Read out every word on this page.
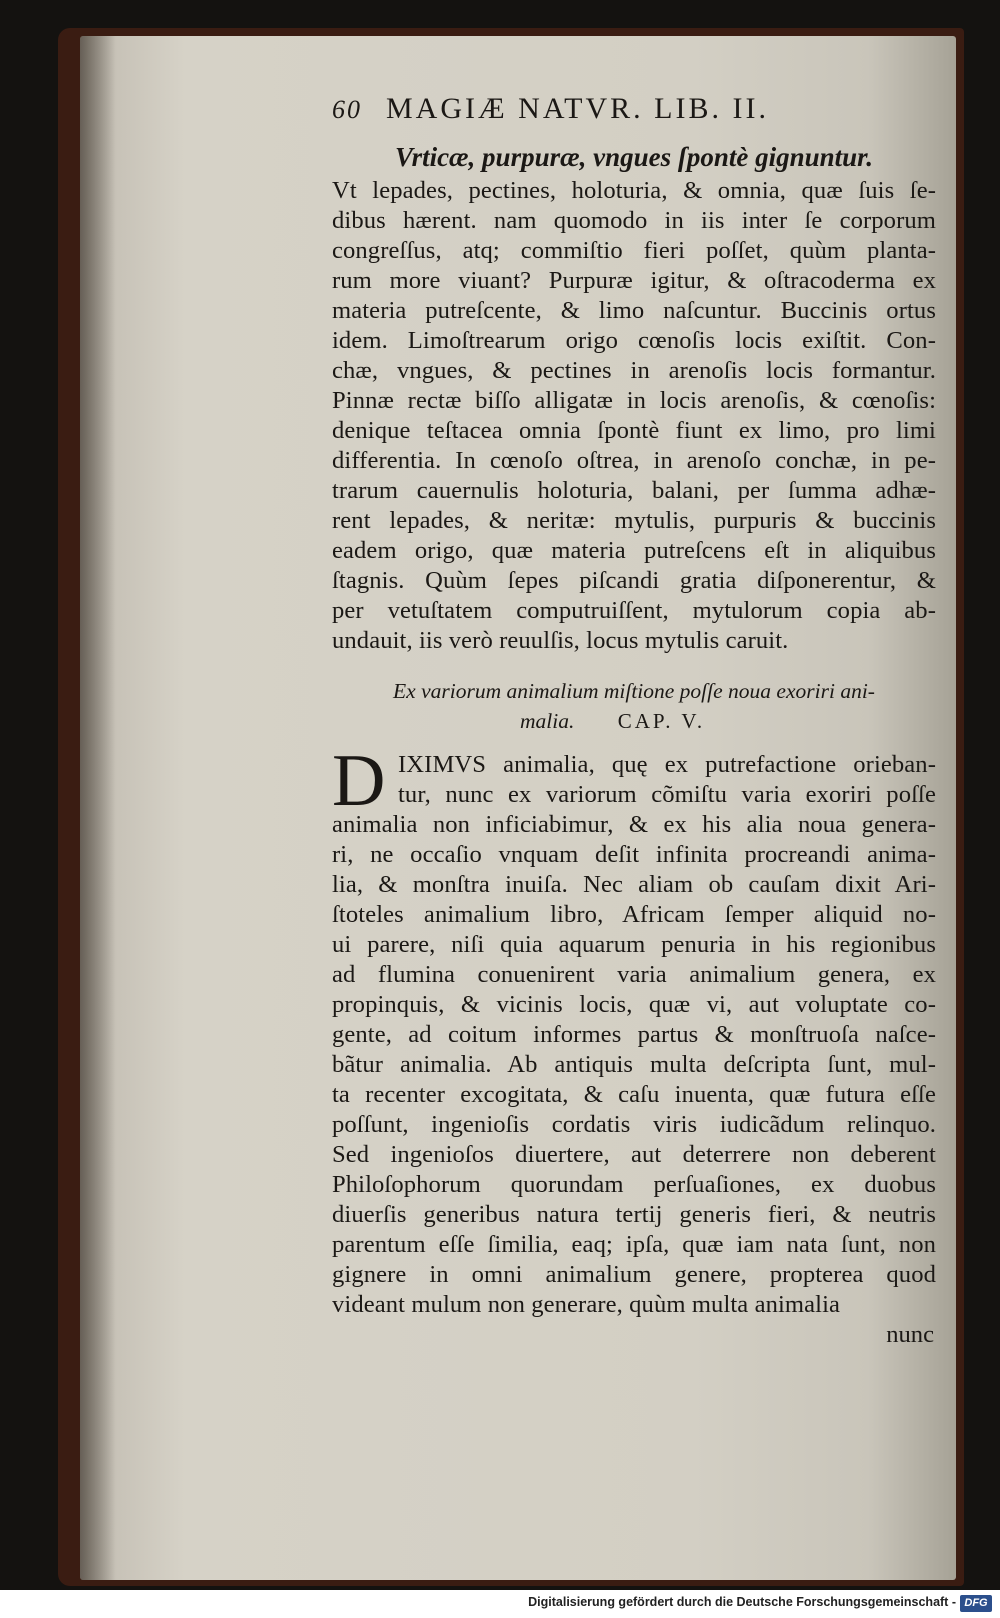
60 MAGIÆ NATVR. LIB. II.
Vrticæ, purpuræ, vngues ſpontè gignuntur.
Vt lepades, pectines, holoturia, & omnia, quæ ſuis ſe-
dibus hærent. nam quomodo in iis inter ſe corporum
congreſſus, atq; commiſtio fieri poſſet, quùm planta-
rum more viuant? Purpuræ igitur, & oſtracoderma ex
materia putreſcente, & limo naſcuntur. Buccinis ortus
idem. Limoſtrearum origo cœnoſis locis exiſtit. Con-
chæ, vngues, & pectines in arenoſis locis formantur.
Pinnæ rectæ biſſo alligatæ in locis arenoſis, & cœnoſis:
denique teſtacea omnia ſpontè fiunt ex limo, pro limi
differentia. In cœnoſo oſtrea, in arenoſo conchæ, in pe-
trarum cauernulis holoturia, balani, per ſumma adhæ-
rent lepades, & neritæ: mytulis, purpuris & buccinis
eadem origo, quæ materia putreſcens eſt in aliquibus
ſtagnis. Quùm ſepes piſcandi gratia diſponerentur, &
per vetuſtatem computruiſſent, mytulorum copia ab-
undauit, iis verò reuulſis, locus mytulis caruit.
Ex variorum animalium miſtione poſſe noua exoriri ani-
malia. CAP. V.
D IXIMVS animalia, quę ex putrefactione orieban-
tur, nunc ex variorum cõmiſtu varia exoriri poſſe
animalia non inficiabimur, & ex his alia noua genera-
ri, ne occaſio vnquam deſit infinita procreandi anima-
lia, & monſtra inuiſa. Nec aliam ob cauſam dixit Ari-
ſtoteles animalium libro, Africam ſemper aliquid no-
ui parere, niſi quia aquarum penuria in his regionibus
ad flumina conuenirent varia animalium genera, ex
propinquis, & vicinis locis, quæ vi, aut voluptate co-
gente, ad coitum informes partus & monſtruoſa naſce-
bãtur animalia. Ab antiquis multa deſcripta ſunt, mul-
ta recenter excogitata, & caſu inuenta, quæ futura eſſe
poſſunt, ingenioſis cordatis viris iudicãdum relinquo.
Sed ingenioſos diuertere, aut deterrere non deberent
Philoſophorum quorundam perſuaſiones, ex duobus
diuerſis generibus natura tertij generis fieri, & neutris
parentum eſſe ſimilia, eaq; ipſa, quæ iam nata ſunt, non
gignere in omni animalium genere, propterea quod
videant mulum non generare, quùm multa animalia
nunc
Digitalisierung gefördert durch die Deutsche Forschungsgemeinschaft - DFG
